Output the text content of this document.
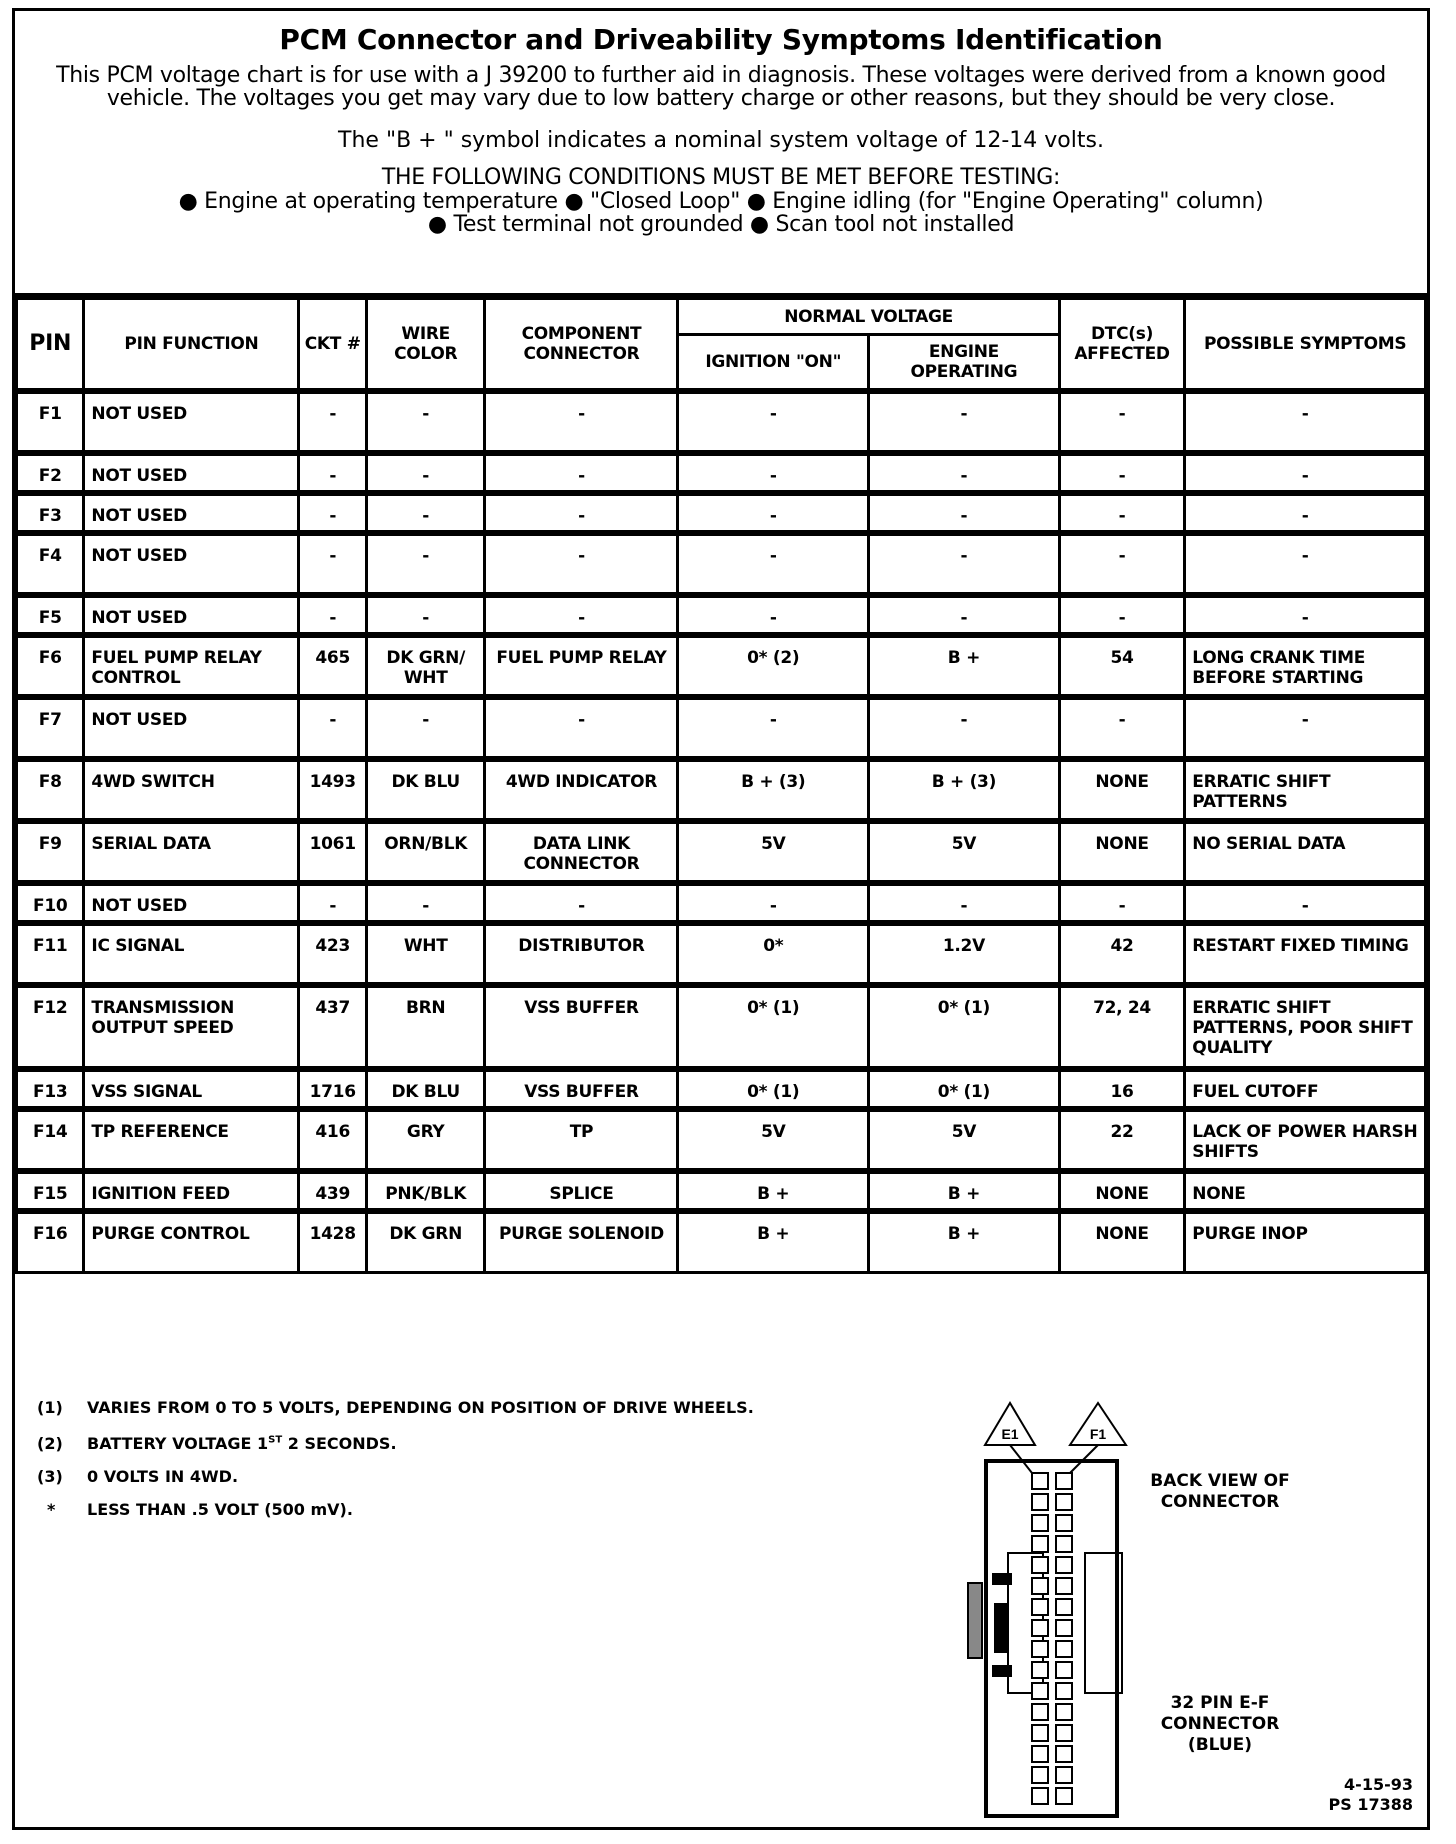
PCM Connector and Driveability Symptoms Identification
This PCM voltage chart is for use with a J 39200 to further aid in diagnosis. These voltages were derived from a known good vehicle. The voltages you get may vary due to low battery charge or other reasons, but they should be very close.
The "B + " symbol indicates a nominal system voltage of 12-14 volts.
THE FOLLOWING CONDITIONS MUST BE MET BEFORE TESTING:
● Engine at operating temperature ● "Closed Loop" ● Engine idling (for "Engine Operating" column)
● Test terminal not grounded ● Scan tool not installed
PIN	PIN FUNCTION	CKT #	WIRE COLOR	COMPONENT CONNECTOR	NORMAL VOLTAGE		DTC(s) AFFECTED	POSSIBLE SYMPTOMS
					IGNITION "ON"	ENGINE OPERATING		
F1	NOT USED	-	-	-	-	-	-	-
F2	NOT USED	-	-	-	-	-	-	-
F3	NOT USED	-	-	-	-	-	-	-
F4	NOT USED	-	-	-	-	-	-	-
F5	NOT USED	-	-	-	-	-	-	-
F6	FUEL PUMP RELAY CONTROL	465	DK GRN/ WHT	FUEL PUMP RELAY	0* (2)	B +	54	LONG CRANK TIME BEFORE STARTING
F7	NOT USED	-	-	-	-	-	-	-
F8	4WD SWITCH	1493	DK BLU	4WD INDICATOR	B + (3)	B + (3)	NONE	ERRATIC SHIFT PATTERNS
F9	SERIAL DATA	1061	ORN/BLK	DATA LINK CONNECTOR	5V	5V	NONE	NO SERIAL DATA
F10	NOT USED	-	-	-	-	-	-	-
F11	IC SIGNAL	423	WHT	DISTRIBUTOR	0*	1.2V	42	RESTART FIXED TIMING
F12	TRANSMISSION OUTPUT SPEED	437	BRN	VSS BUFFER	0* (1)	0* (1)	72, 24	ERRATIC SHIFT PATTERNS, POOR SHIFT QUALITY
F13	VSS SIGNAL	1716	DK BLU	VSS BUFFER	0* (1)	0* (1)	16	FUEL CUTOFF
F14	TP REFERENCE	416	GRY	TP	5V	5V	22	LACK OF POWER HARSH SHIFTS
F15	IGNITION FEED	439	PNK/BLK	SPLICE	B +	B +	NONE	NONE
F16	PURGE CONTROL	1428	DK GRN	PURGE SOLENOID	B +	B +	NONE	PURGE INOP
(1) VARIES FROM 0 TO 5 VOLTS, DEPENDING ON POSITION OF DRIVE WHEELS.
(2) BATTERY VOLTAGE 1ST 2 SECONDS.
(3) 0 VOLTS IN 4WD.
* LESS THAN .5 VOLT (500 mV).
E1	F1
BACK VIEW OF CONNECTOR
32 PIN E-F CONNECTOR (BLUE)
4-15-93
PS 17388
